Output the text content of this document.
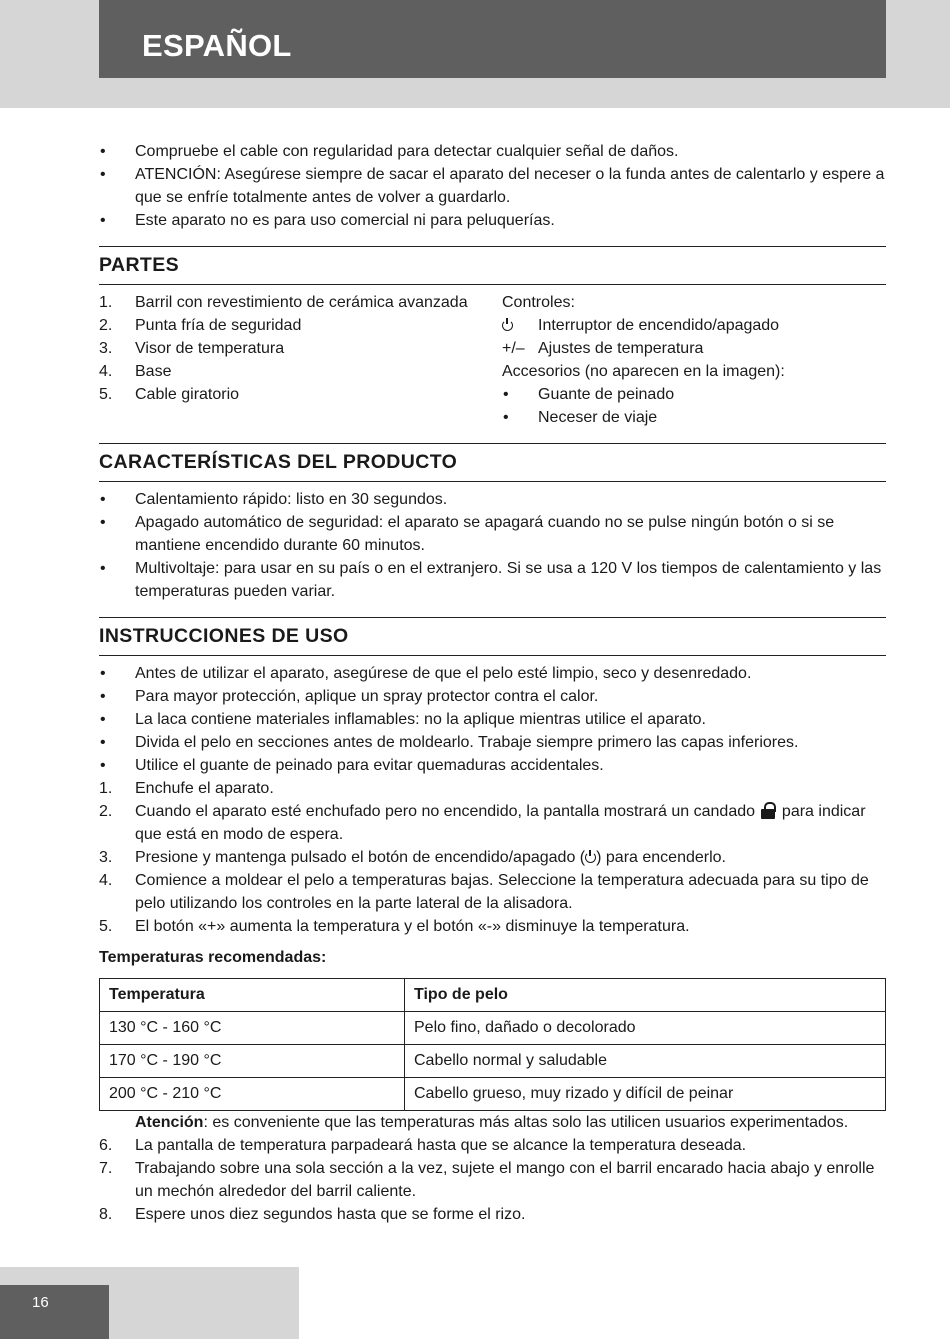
ESPAÑOL
•	Compruebe el cable con regularidad para detectar cualquier señal de daños.
•	ATENCIÓN: Asegúrese siempre de sacar el aparato del neceser o la funda antes de calentarlo y espere a que se enfríe totalmente antes de volver a guardarlo.
•	Este aparato no es para uso comercial ni para peluquerías.
PARTES
1.	Barril con revestimiento de cerámica avanzada
2.	Punta fría de seguridad
3.	Visor de temperatura
4.	Base
5.	Cable giratorio
Controles:
Interruptor de encendido/apagado
+/– Ajustes de temperatura
Accesorios (no aparecen en la imagen):
•	Guante de peinado
•	Neceser de viaje
CARACTERÍSTICAS DEL PRODUCTO
•	Calentamiento rápido: listo en 30 segundos.
•	Apagado automático de seguridad: el aparato se apagará cuando no se pulse ningún botón o si se mantiene encendido durante 60 minutos.
•	Multivoltaje: para usar en su país o en el extranjero. Si se usa a 120 V los tiempos de calentamiento y las temperaturas pueden variar.
INSTRUCCIONES DE USO
•	Antes de utilizar el aparato, asegúrese de que el pelo esté limpio, seco y desenredado.
•	Para mayor protección, aplique un spray protector contra el calor.
•	La laca contiene materiales inflamables: no la aplique mientras utilice el aparato.
•	Divida el pelo en secciones antes de moldearlo. Trabaje siempre primero las capas inferiores.
•	Utilice el guante de peinado para evitar quemaduras accidentales.
1.	Enchufe el aparato.
2.	Cuando el aparato esté enchufado pero no encendido, la pantalla mostrará un candado para indicar que está en modo de espera.
3.	Presione y mantenga pulsado el botón de encendido/apagado ( ) para encenderlo.
4.	Comience a moldear el pelo a temperaturas bajas. Seleccione la temperatura adecuada para su tipo de pelo utilizando los controles en la parte lateral de la alisadora.
5.	El botón «+» aumenta la temperatura y el botón «-» disminuye la temperatura.
Temperaturas recomendadas:
Temperatura	Tipo de pelo
130 °C - 160 °C	Pelo fino, dañado o decolorado
170 °C - 190 °C	Cabello normal y saludable
200 °C - 210 °C	Cabello grueso, muy rizado y difícil de peinar
Atención: es conveniente que las temperaturas más altas solo las utilicen usuarios experimentados.
6.	La pantalla de temperatura parpadeará hasta que se alcance la temperatura deseada.
7.	Trabajando sobre una sola sección a la vez, sujete el mango con el barril encarado hacia abajo y enrolle un mechón alrededor del barril caliente.
8.	Espere unos diez segundos hasta que se forme el rizo.
16
